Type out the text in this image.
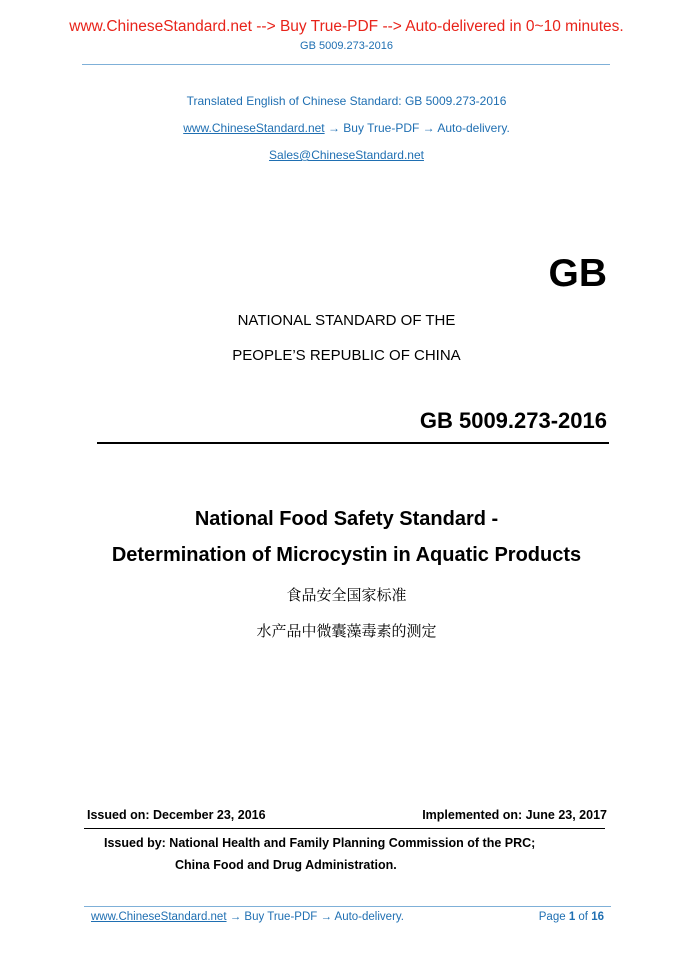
www.ChineseStandard.net --> Buy True-PDF --> Auto-delivered in 0~10 minutes.
GB 5009.273-2016
Translated English of Chinese Standard: GB 5009.273-2016
www.ChineseStandard.net → Buy True-PDF → Auto-delivery.
Sales@ChineseStandard.net
GB
NATIONAL STANDARD OF THE
PEOPLE’S REPUBLIC OF CHINA
GB 5009.273-2016
National Food Safety Standard -
Determination of Microcystin in Aquatic Products
食品安全国家标准
水产品中微囊藻毒素的测定
Issued on: December 23, 2016	Implemented on: June 23, 2017
Issued by: National Health and Family Planning Commission of the PRC;
China Food and Drug Administration.
www.ChineseStandard.net → Buy True-PDF → Auto-delivery.	Page 1 of 16
